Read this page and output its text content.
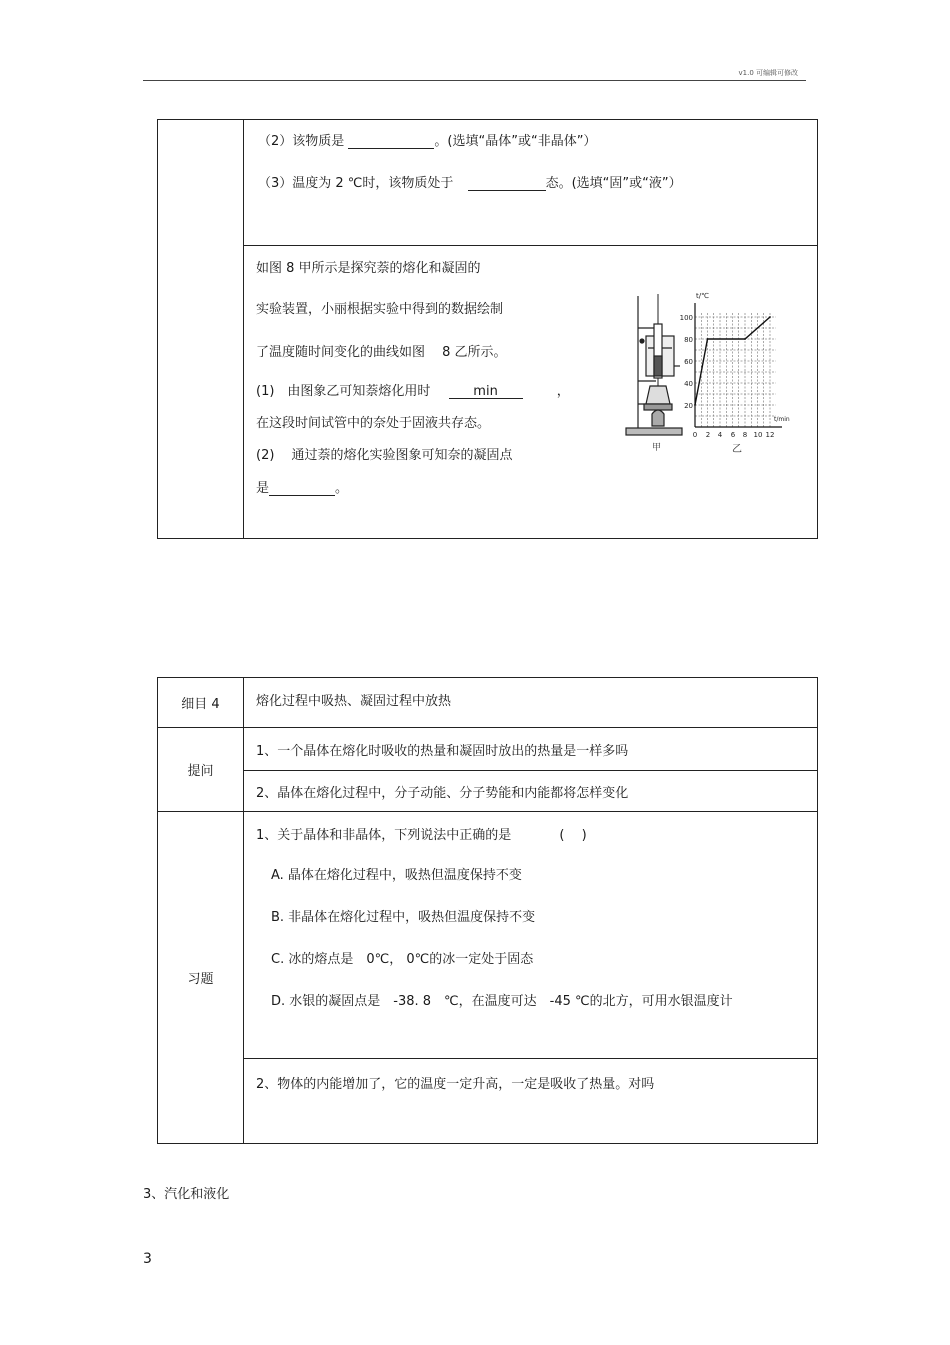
v1.0 可编辑可修改

（2）该物质是	。(选填“晶体”或“非晶体”）
（3）温度为 2 ℃时，该物质处于	态。(选填“固”或“液”）

如图 8 甲所示是探究萘的熔化和凝固的
实验装置，小丽根据实验中得到的数据绘制
了温度随时间变化的曲线如图　 8 乙所示。
(1)　由图象乙可知萘熔化用时	min	，
在这段时间试管中的奈处于固液共存态。
(2)　 通过萘的熔化实验图象可知奈的凝固点
是	。
甲	乙
t/℃
t/min
100
80
60
40
20
0 2 4 6 8 10 12
细目 4	熔化过程中吸热、凝固过程中放热

提问	1、一个晶体在熔化时吸收的热量和凝固时放出的热量是一样多吗

	2、晶体在熔化过程中，分子动能、分子势能和内能都将怎样变化

习题	1、关于晶体和非晶体，下列说法中正确的是 (　 )
A. 晶体在熔化过程中，吸热但温度保持不变
B. 非晶体在熔化过程中，吸热但温度保持不变
C. 冰的熔点是　0℃， 0℃的冰一定处于固态
D. 水银的凝固点是　-38. 8　℃，在温度可达　-45 ℃的北方，可用水银温度计

	2、物体的内能增加了，它的温度一定升高，一定是吸收了热量。对吗
3、汽化和液化
3
